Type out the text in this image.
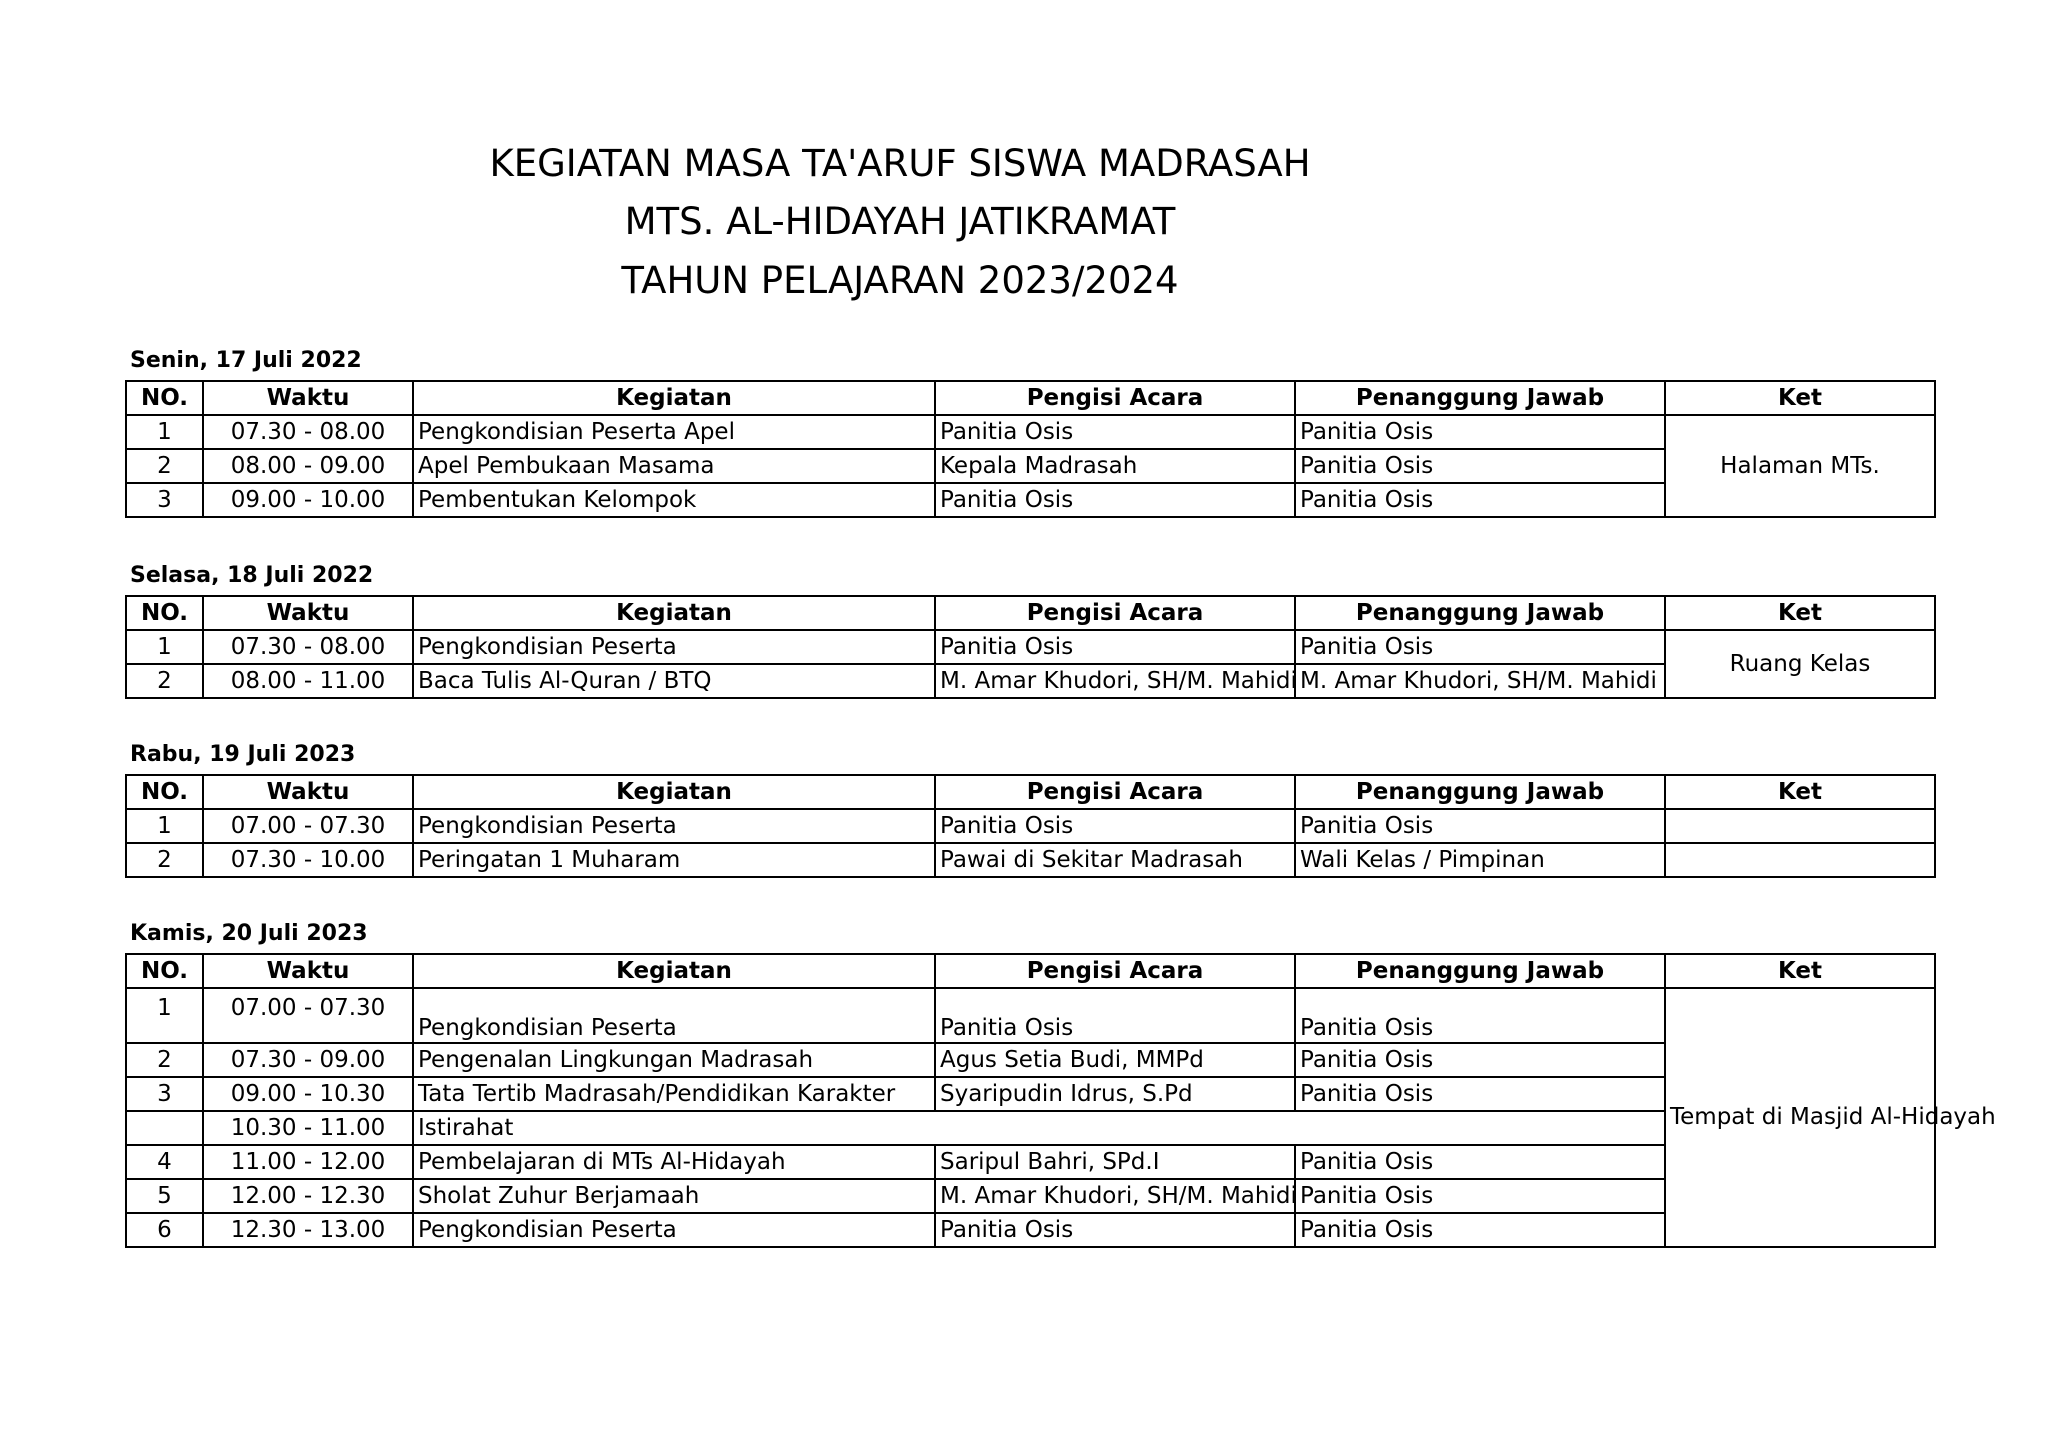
KEGIATAN MASA TA'ARUF SISWA MADRASAH
MTS. AL-HIDAYAH JATIKRAMAT
TAHUN PELAJARAN 2023/2024
Senin, 17 Juli 2022
NO.	Waktu	Kegiatan	Pengisi Acara	Penanggung Jawab	Ket
1	07.30 - 08.00	Pengkondisian Peserta Apel	Panitia Osis	Panitia Osis	Halaman MTs.
2	08.00 - 09.00	Apel Pembukaan Masama	Kepala Madrasah	Panitia Osis	
3	09.00 - 10.00	Pembentukan Kelompok	Panitia Osis	Panitia Osis	
Selasa, 18 Juli 2022
NO.	Waktu	Kegiatan	Pengisi Acara	Penanggung Jawab	Ket
1	07.30 - 08.00	Pengkondisian Peserta	Panitia Osis	Panitia Osis	Ruang Kelas
2	08.00 - 11.00	Baca Tulis Al-Quran / BTQ	M. Amar Khudori, SH/M. Mahidi	M. Amar Khudori, SH/M. Mahidi	
Rabu, 19 Juli 2023
NO.	Waktu	Kegiatan	Pengisi Acara	Penanggung Jawab	Ket
1	07.00 - 07.30	Pengkondisian Peserta	Panitia Osis	Panitia Osis	
2	07.30 - 10.00	Peringatan 1 Muharam	Pawai di Sekitar Madrasah	Wali Kelas / Pimpinan	
Kamis, 20 Juli 2023
NO.	Waktu	Kegiatan	Pengisi Acara	Penanggung Jawab	Ket
1	07.00 - 07.30	Pengkondisian Peserta	Panitia Osis	Panitia Osis	Tempat di Masjid Al-Hidayah
2	07.30 - 09.00	Pengenalan Lingkungan Madrasah	Agus Setia Budi, MMPd	Panitia Osis	
3	09.00 - 10.30	Tata Tertib Madrasah/Pendidikan Karakter	Syaripudin Idrus, S.Pd	Panitia Osis	
	10.30 - 11.00	Istirahat			
4	11.00 - 12.00	Pembelajaran di MTs Al-Hidayah	Saripul Bahri, SPd.I	Panitia Osis	
5	12.00 - 12.30	Sholat Zuhur Berjamaah	M. Amar Khudori, SH/M. Mahidi	Panitia Osis	
6	12.30 - 13.00	Pengkondisian Peserta	Panitia Osis	Panitia Osis	
